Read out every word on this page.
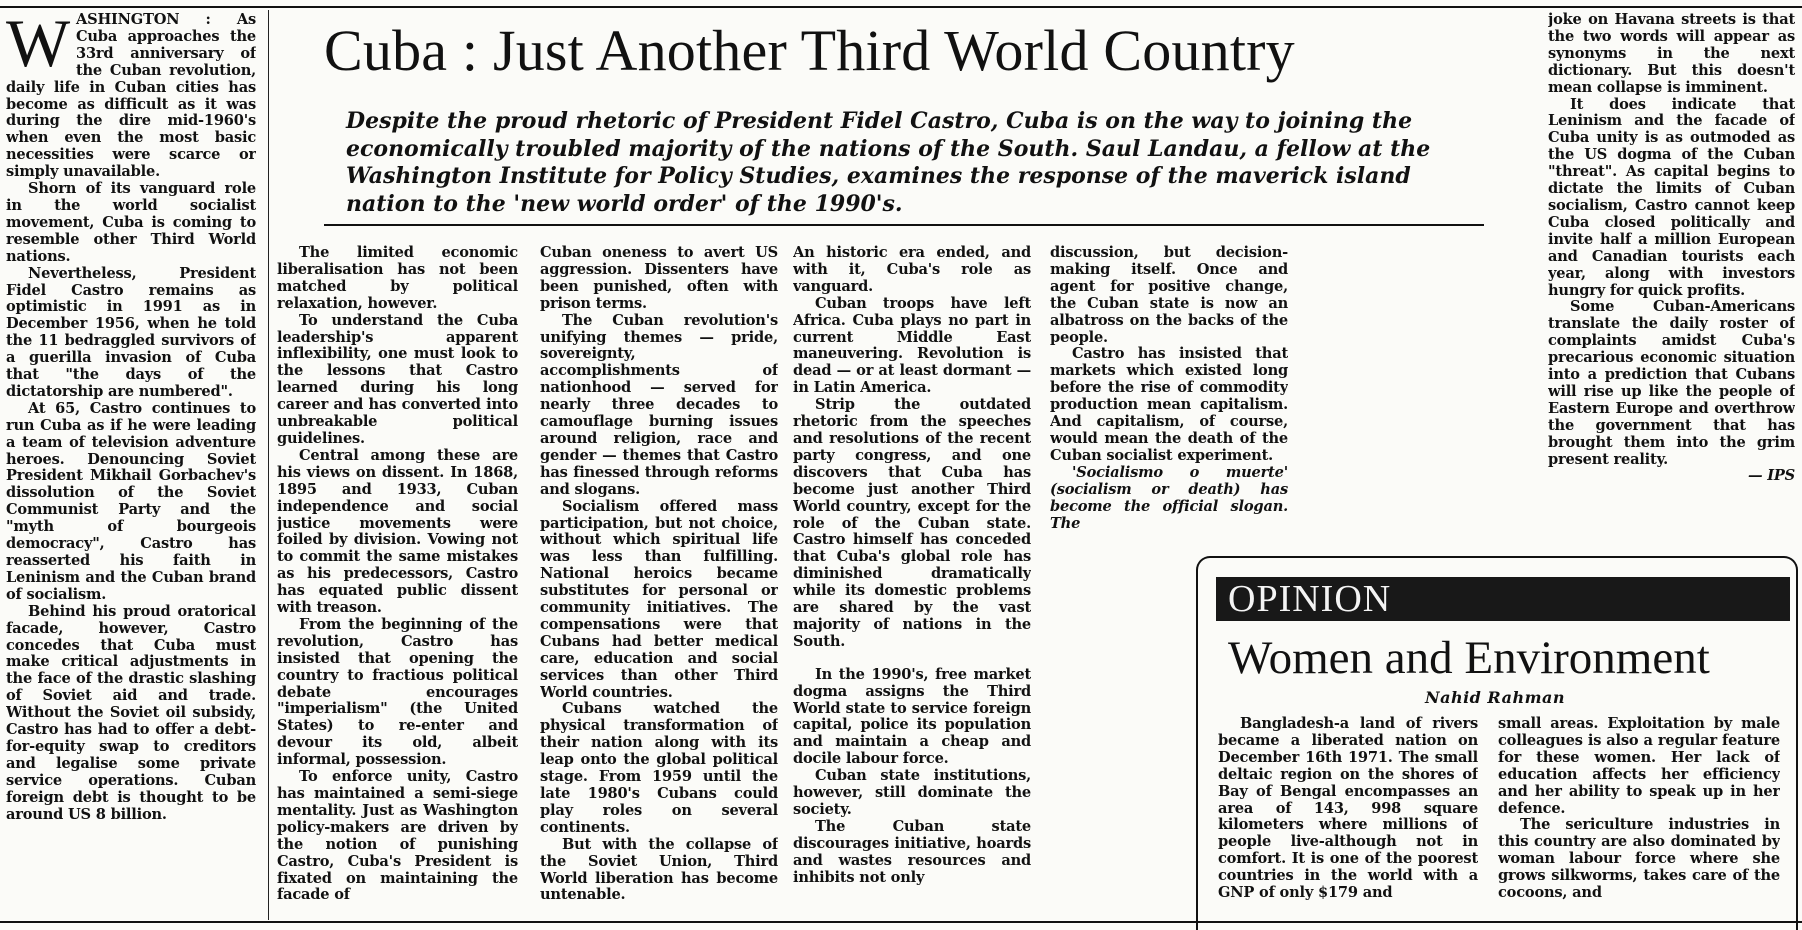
WASHINGTON : As Cuba approaches the 33rd anniversary of the Cuban revolution, daily life in Cuban cities has become as difficult as it was during the dire mid-1960's when even the most basic necessities were scarce or simply unavailable.

Shorn of its vanguard role in the world socialist movement, Cuba is coming to resemble other Third World nations.

Nevertheless, President Fidel Castro remains as optimistic in 1991 as in December 1956, when he told the 11 bedraggled survivors of a guerilla invasion of Cuba that "the days of the dictatorship are numbered".

At 65, Castro continues to run Cuba as if he were leading a team of television adventure heroes. Denouncing Soviet President Mikhail Gorbachev's dissolution of the Soviet Communist Party and the "myth of bourgeois democracy", Castro has reasserted his faith in Leninism and the Cuban brand of socialism.

Behind his proud oratorical facade, however, Castro concedes that Cuba must make critical adjustments in the face of the drastic slashing of Soviet aid and trade. Without the Soviet oil subsidy, Castro has had to offer a debt-for-equity swap to creditors and legalise some private service operations. Cuban foreign debt is thought to be around US 8 billion.

Cuba : Just Another Third World Country
Despite the proud rhetoric of President Fidel Castro, Cuba is on the way to joining the economically troubled majority of the nations of the South. Saul Landau, a fellow at the Washington Institute for Policy Studies, examines the response of the maverick island nation to the 'new world order' of the 1990's.

The limited economic liberalisation has not been matched by political relaxation, however.

To understand the Cuba leadership's apparent inflexibility, one must look to the lessons that Castro learned during his long career and has converted into unbreakable political guidelines.

Central among these are his views on dissent. In 1868, 1895 and 1933, Cuban independence and social justice movements were foiled by division. Vowing not to commit the same mistakes as his predecessors, Castro has equated public dissent with treason.

From the beginning of the revolution, Castro has insisted that opening the country to fractious political debate encourages "imperialism" (the United States) to re-enter and devour its old, albeit informal, possession.

To enforce unity, Castro has maintained a semi-siege mentality. Just as Washington policy-makers are driven by the notion of punishing Castro, Cuba's President is fixated on maintaining the facade of

Cuban oneness to avert US aggression. Dissenters have been punished, often with prison terms.

The Cuban revolution's unifying themes — pride, sovereignty, accomplishments of nationhood — served for nearly three decades to camouflage burning issues around religion, race and gender — themes that Castro has finessed through reforms and slogans.

Socialism offered mass participation, but not choice, without which spiritual life was less than fulfilling. National heroics became substitutes for personal or community initiatives. The compensations were that Cubans had better medical care, education and social services than other Third World countries.

Cubans watched the physical transformation of their nation along with its leap onto the global political stage. From 1959 until the late 1980's Cubans could play roles on several continents.

But with the collapse of the Soviet Union, Third World liberation has become untenable.

An historic era ended, and with it, Cuba's role as vanguard.

Cuban troops have left Africa. Cuba plays no part in current Middle East maneuvering. Revolution is dead — or at least dormant — in Latin America.

Strip the outdated rhetoric from the speeches and resolutions of the recent party congress, and one discovers that Cuba has become just another Third World country, except for the role of the Cuban state. Castro himself has conceded that Cuba's global role has diminished dramatically while its domestic problems are shared by the vast majority of nations in the South.

In the 1990's, free market dogma assigns the Third World state to service foreign capital, police its population and maintain a cheap and docile labour force.

Cuban state institutions, however, still dominate the society.

The Cuban state discourages initiative, hoards and wastes resources and inhibits not only

discussion, but decision-making itself. Once and agent for positive change, the Cuban state is now an albatross on the backs of the people.

Castro has insisted that markets which existed long before the rise of commodity production mean capitalism. And capitalism, of course, would mean the death of the Cuban socialist experiment.

'Socialismo o muerte' (socialism or death) has become the official slogan. The

joke on Havana streets is that the two words will appear as synonyms in the next dictionary. But this doesn't mean collapse is imminent.

It does indicate that Leninism and the facade of Cuba unity is as outmoded as the US dogma of the Cuban "threat". As capital begins to dictate the limits of Cuban socialism, Castro cannot keep Cuba closed politically and invite half a million European and Canadian tourists each year, along with investors hungry for quick profits.

Some Cuban-Americans translate the daily roster of complaints amidst Cuba's precarious economic situation into a prediction that Cubans will rise up like the people of Eastern Europe and overthrow the government that has brought them into the grim present reality.

— IPS

OPINION
Women and Environment
Nahid Rahman

Bangladesh-a land of rivers became a liberated nation on December 16th 1971. The small deltaic region on the shores of Bay of Bengal encompasses an area of 143, 998 square kilometers where millions of people live-although not in comfort. It is one of the poorest countries in the world with a GNP of only $179 and

small areas. Exploitation by male colleagues is also a regular feature for these women. Her lack of education affects her efficiency and her ability to speak up in her defence.

The sericulture industries in this country are also dominated by woman labour force where she grows silkworms, takes care of the cocoons, and
